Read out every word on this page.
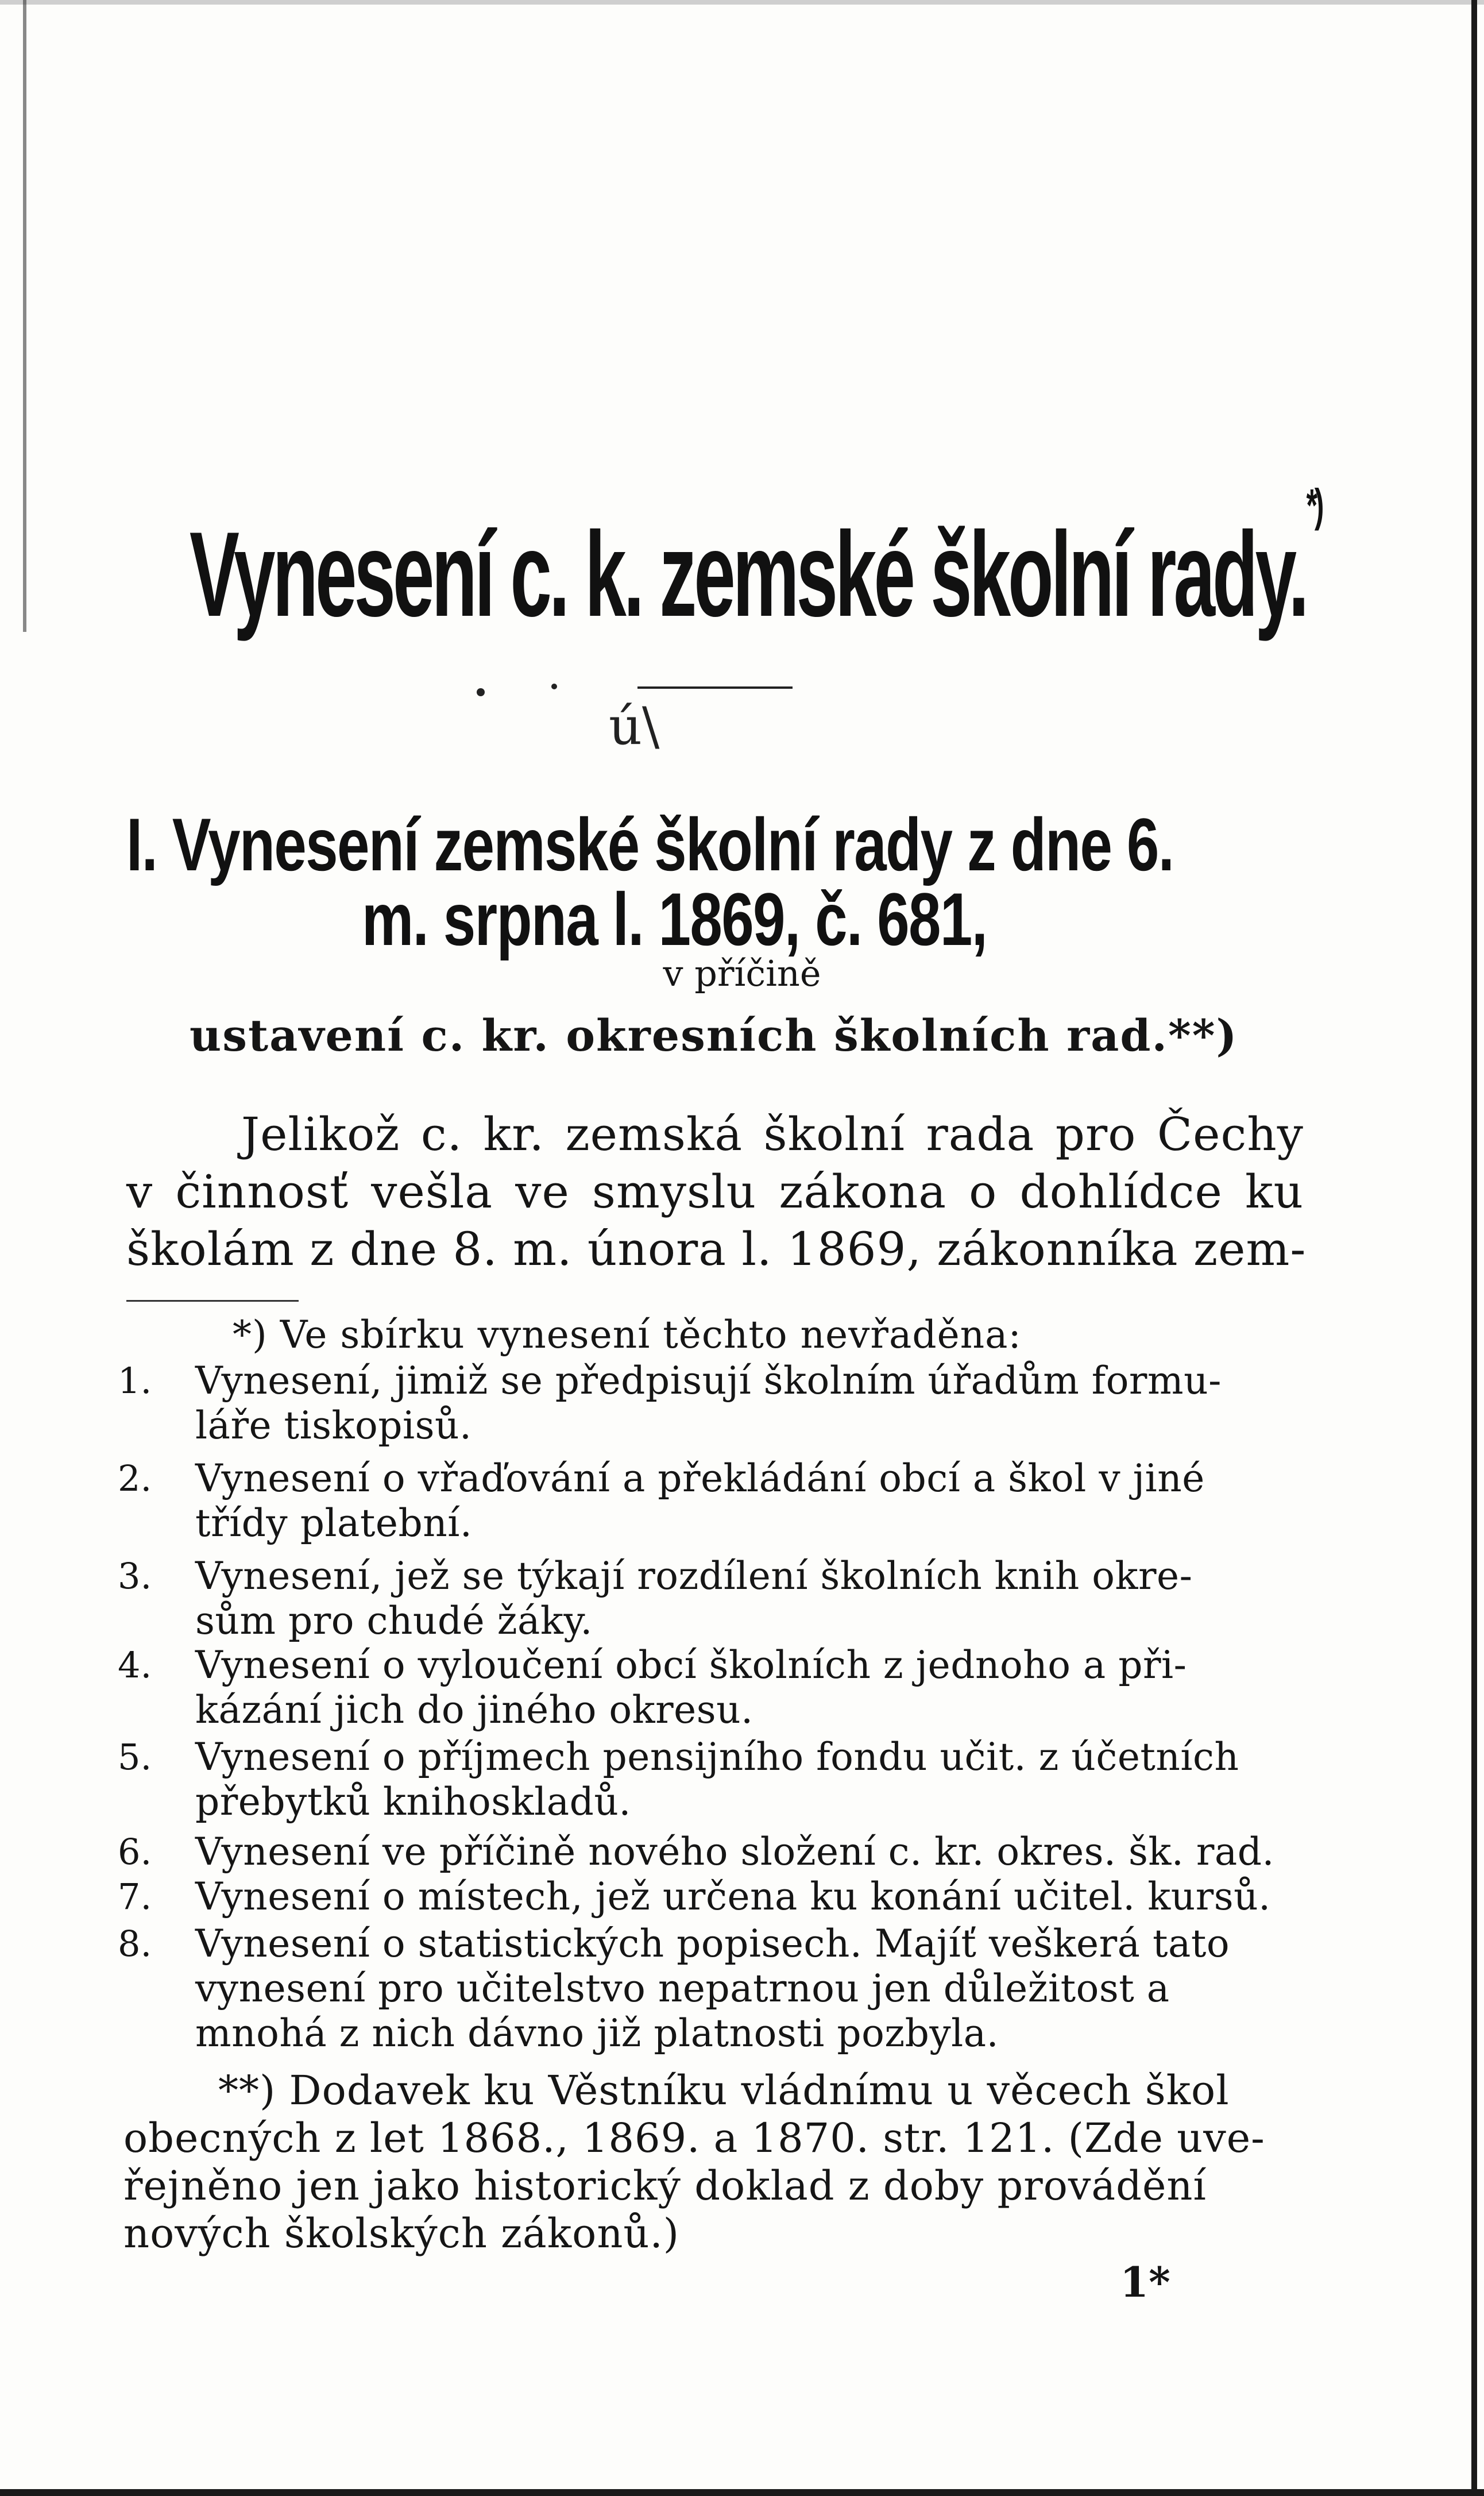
Vynesení c. k. zemské školní rady.*)
ú\
I. Vynesení zemské školní rady z dne 6.
m. srpna l. 1869, č. 681,
v příčině
ustavení c. kr. okresních školních rad.**)
Jelikož c. kr. zemská školní rada pro Čechy
v činnosť vešla ve smyslu zákona o dohlídce ku
školám z dne 8. m. února l. 1869, zákonníka zem-
*) Ve sbírku vynesení těchto nevřaděna:
1.	Vynesení, jimiž se předpisují školním úřadům formu-
láře tiskopisů.
2.	Vynesení o vřaďování a překládání obcí a škol v jiné
třídy platební.
3.	Vynesení, jež se týkají rozdílení školních knih okre-
sům pro chudé žáky.
4.	Vynesení o vyloučení obcí školních z jednoho a při-
kázání jich do jiného okresu.
5.	Vynesení o příjmech pensijního fondu učit. z účetních
přebytků knihoskladů.
6.	Vynesení ve příčině nového složení c. kr. okres. šk. rad.
7.	Vynesení o místech, jež určena ku konání učitel. kursů.
8.	Vynesení o statistických popisech. Majíť veškerá tato
vynesení pro učitelstvo nepatrnou jen důležitost a
mnohá z nich dávno již platnosti pozbyla.
**) Dodavek ku Věstníku vládnímu u věcech škol
obecných z let 1868., 1869. a 1870. str. 121. (Zde uve-
řejněno jen jako historický doklad z doby provádění
nových školských zákonů.)
1*
